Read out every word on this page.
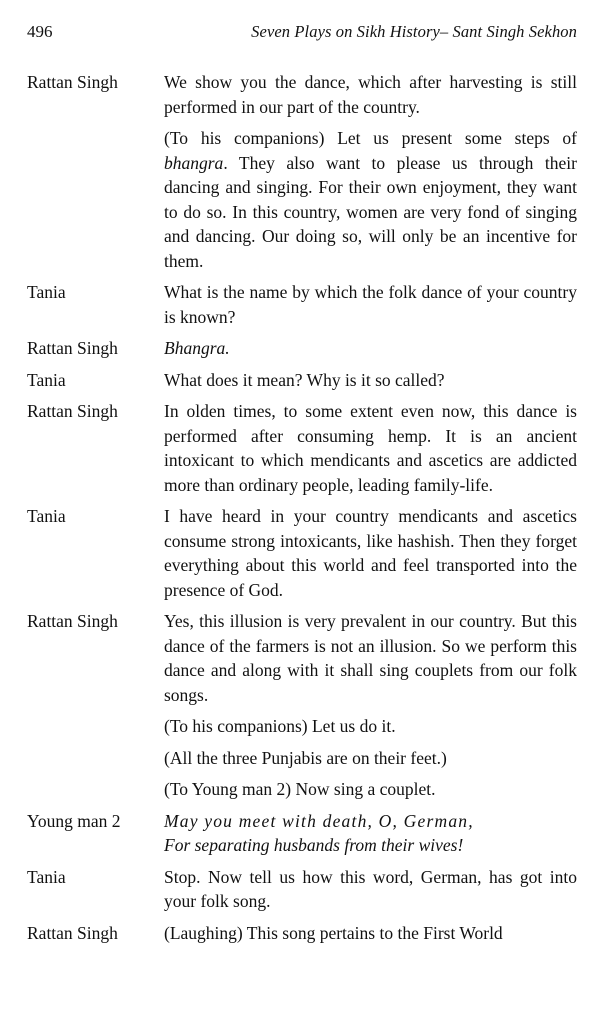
496	Seven Plays on Sikh History– Sant Singh Sekhon
Rattan Singh	We show you the dance, which after harvesting is still performed in our part of the country.

(To his companions) Let us present some steps of bhangra. They also want to please us through their dancing and singing. For their own enjoyment, they want to do so. In this country, women are very fond of singing and dancing. Our doing so, will only be an incentive for them.

Tania	What is the name by which the folk dance of your country is known?

Rattan Singh	Bhangra.

Tania	What does it mean? Why is it so called?

Rattan Singh	In olden times, to some extent even now, this dance is performed after consuming hemp. It is an ancient intoxicant to which mendicants and ascetics are addicted more than ordinary people, leading family-life.

Tania	I have heard in your country mendicants and ascetics consume strong intoxicants, like hashish. Then they forget everything about this world and feel transported into the presence of God.

Rattan Singh	Yes, this illusion is very prevalent in our country. But this dance of the farmers is not an illusion. So we perform this dance and along with it shall sing couplets from our folk songs.

(To his companions) Let us do it.

(All the three Punjabis are on their feet.)

(To Young man 2) Now sing a couplet.

Young man 2	May you meet with death, O, German,

For separating husbands from their wives!

Tania	Stop. Now tell us how this word, German, has got into your folk song.

Rattan Singh	(Laughing) This song pertains to the First World
